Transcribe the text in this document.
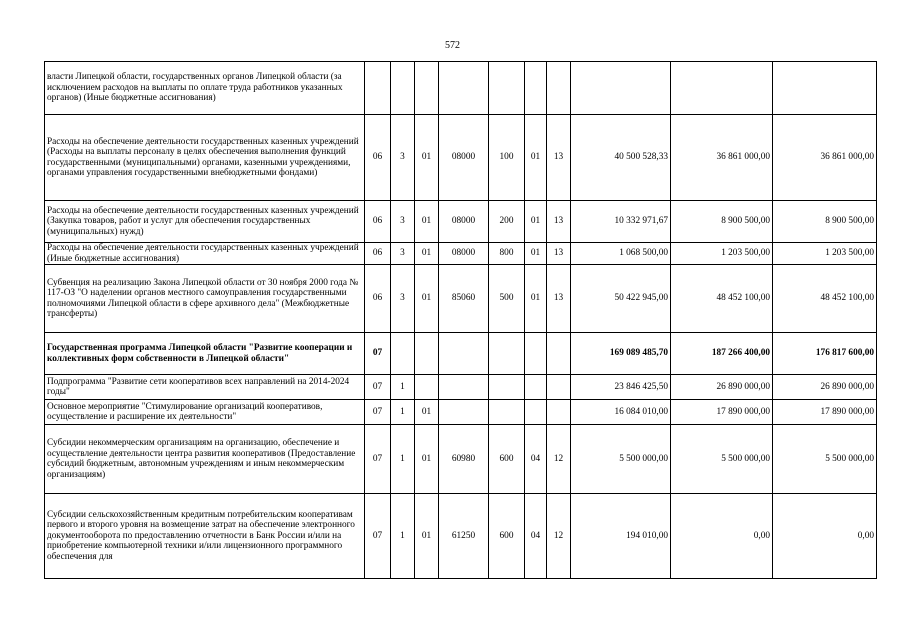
572
власти Липецкой области, государственных органов Липецкой области (за исключением расходов на выплаты по оплате труда работников указанных органов) (Иные бюджетные ассигнования)										
Расходы на обеспечение деятельности государственных казенных учреждений (Расходы на выплаты персоналу в целях обеспечения выполнения функций государственными (муниципальными) органами, казенными учреждениями, органами управления государственными внебюджетными фондами)	06	3	01	08000	100	01	13	40 500 528,33	36 861 000,00	36 861 000,00
Расходы на обеспечение деятельности государственных казенных учреждений (Закупка товаров, работ и услуг для обеспечения государственных (муниципальных) нужд)	06	3	01	08000	200	01	13	10 332 971,67	8 900 500,00	8 900 500,00
Расходы на обеспечение деятельности государственных казенных учреждений (Иные бюджетные ассигнования)	06	3	01	08000	800	01	13	1 068 500,00	1 203 500,00	1 203 500,00
Субвенция на реализацию Закона Липецкой области от 30 ноября 2000 года № 117-ОЗ "О наделении органов местного самоуправления государственными полномочиями Липецкой области в сфере архивного дела" (Межбюджетные трансферты)	06	3	01	85060	500	01	13	50 422 945,00	48 452 100,00	48 452 100,00
Государственная программа Липецкой области "Развитие кооперации и коллективных форм собственности в Липецкой области"	07							169 089 485,70	187 266 400,00	176 817 600,00
Подпрограмма "Развитие сети кооперативов всех направлений на 2014-2024 годы"	07	1						23 846 425,50	26 890 000,00	26 890 000,00
Основное мероприятие "Стимулирование организаций кооперативов, осуществление и расширение их деятельности"	07	1	01					16 084 010,00	17 890 000,00	17 890 000,00
Субсидии некоммерческим организациям на организацию, обеспечение и осуществление деятельности центра развития кооперативов (Предоставление субсидий бюджетным, автономным учреждениям и иным некоммерческим организациям)	07	1	01	60980	600	04	12	5 500 000,00	5 500 000,00	5 500 000,00
Субсидии сельскохозяйственным кредитным потребительским кооперативам первого и второго уровня на возмещение затрат на обеспечение электронного документооборота по предоставлению отчетности в Банк России и/или на приобретение компьютерной техники и/или лицензионного программного обеспечения для	07	1	01	61250	600	04	12	194 010,00	0,00	0,00
